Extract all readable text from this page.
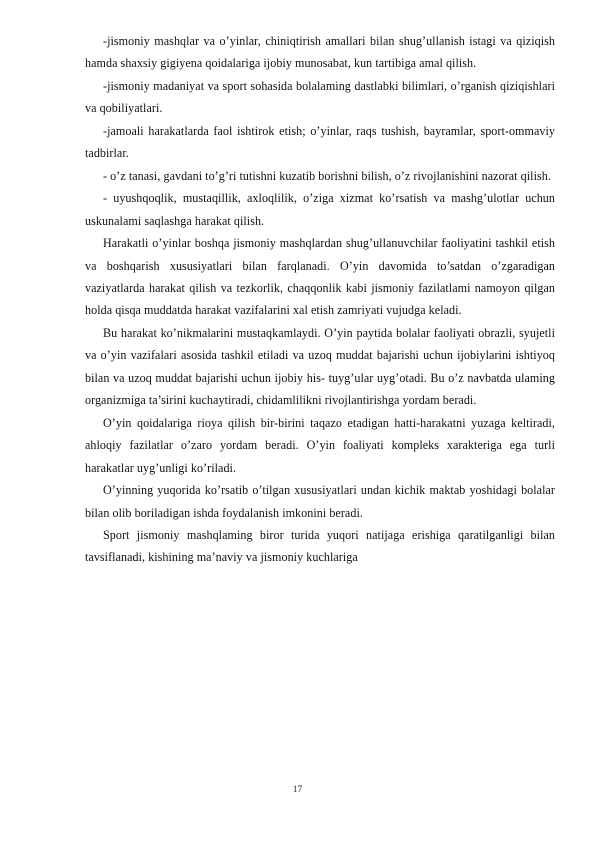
-jismoniy mashqlar va o’yinlar, chiniqtirish amallari bilan shug’ullanish istagi va qiziqish hamda shaxsiy gigiyena qoidalariga ijobiy munosabat, kun tartibiga amal qilish.

-jismoniy madaniyat va sport sohasida bolalaming dastlabki bilimlari, o’rganish qiziqishlari va qobiliyatlari.

-jamoali harakatlarda faol ishtirok etish; o’yinlar, raqs tushish, bayramlar, sport-ommaviy tadbirlar.

- o’z tanasi, gavdani to’g’ri tutishni kuzatib borishni bilish, o’z rivojlanishini nazorat qilish.

- uyushqoqlik, mustaqillik, axloqlilik, o’ziga xizmat ko’rsatish va mashg’ulotlar uchun uskunalami saqlashga harakat qilish.

Harakatli o’yinlar boshqa jismoniy mashqlardan shug’ullanuvchilar faoliyatini tashkil etish va boshqarish xususiyatlari bilan farqlanadi. O’yin davomida to’satdan o’zgaradigan vaziyatlarda harakat qilish va tezkorlik, chaqqonlik kabi jismoniy fazilatlami namoyon qilgan holda qisqa muddatda harakat vazifalarini xal etish zamriyati vujudga keladi.

Bu harakat ko’nikmalarini mustaqkamlaydi. O’yin paytida bolalar faoliyati obrazli, syujetli va o’yin vazifalari asosida tashkil etiladi va uzoq muddat bajarishi uchun ijobiylarini ishtiyoq bilan va uzoq muddat bajarishi uchun ijobiy his- tuyg’ular uyg’otadi. Bu o’z navbatda ulaming organizmiga ta’sirini kuchaytiradi, chidamlilikni rivojlantirishga yordam beradi.

O’yin qoidalariga rioya qilish bir-birini taqazo etadigan hatti-harakatni yuzaga keltiradi, ahloqiy fazilatlar o’zaro yordam beradi. O’yin foaliyati kompleks xarakteriga ega turli harakatlar uyg’unligi ko’riladi.

O’yinning yuqorida ko’rsatib o’tilgan xususiyatlari undan kichik maktab yoshidagi bolalar bilan olib boriladigan ishda foydalanish imkonini beradi.

Sport jismoniy mashqlaming biror turida yuqori natijaga erishiga qaratilganligi bilan tavsiflanadi, kishining ma’naviy va jismoniy kuchlariga

17
